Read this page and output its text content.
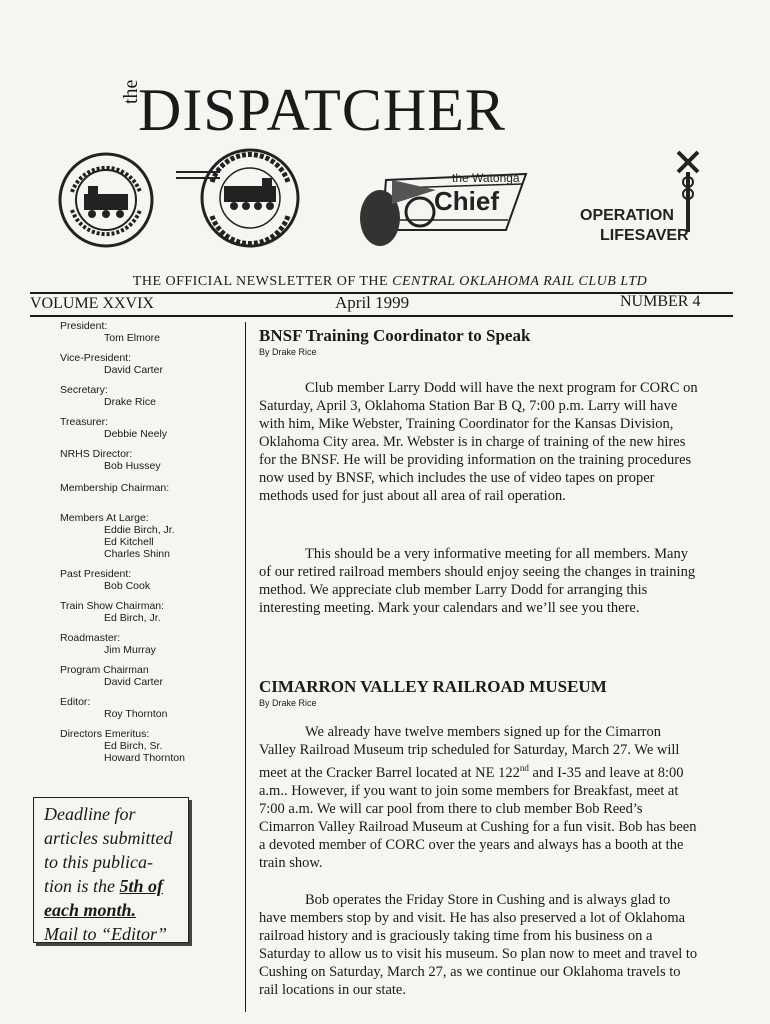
the
DISPATCHER
the Watonga
Chief	OPERATION
LIFESAVER
THE OFFICIAL NEWSLETTER OF THE CENTRAL OKLAHOMA RAIL CLUB LTD
VOLUME XXVIX	April 1999	NUMBER 4
President:
Tom Elmore
Vice-President:
David Carter
Secretary:
Drake Rice
Treasurer:
Debbie Neely
NRHS Director:
Bob Hussey
Membership Chairman:
Members At Large:
Eddie Birch, Jr.
Ed Kitchell
Charles Shinn
Past President:
Bob Cook
Train Show Chairman:
Ed Birch, Jr.
Roadmaster:
Jim Murray
Program Chairman
David Carter
Editor:
Roy Thornton
Directors Emeritus:
Ed Birch, Sr.
Howard Thornton
Deadline for
articles submitted
to this publica-
tion is the 5th of
each month.
Mail to “Editor”
BNSF Training Coordinator to Speak
By Drake Rice
Club member Larry Dodd will have the next program for CORC on Saturday, April 3, Oklahoma Station Bar B Q, 7:00 p.m. Larry will have with him, Mike Webster, Training Coordinator for the Kansas Division, Oklahoma City area. Mr. Webster is in charge of training of the new hires for the BNSF. He will be providing information on the training procedures now used by BNSF, which includes the use of video tapes on proper methods used for just about all area of rail operation.
This should be a very informative meeting for all members. Many of our retired railroad members should enjoy seeing the changes in training method. We appreciate club member Larry Dodd for arranging this interesting meeting. Mark your calendars and we’ll see you there.
CIMARRON VALLEY RAILROAD MUSEUM
By Drake Rice
We already have twelve members signed up for the Cimarron Valley Railroad Museum trip scheduled for Saturday, March 27. We will meet at the Cracker Barrel located at NE 122nd and I-35 and leave at 8:00 a.m.. However, if you want to join some members for Breakfast, meet at 7:00 a.m. We will car pool from there to club member Bob Reed’s Cimarron Valley Railroad Museum at Cushing for a fun visit. Bob has been a devoted member of CORC over the years and always has a booth at the train show.
Bob operates the Friday Store in Cushing and is always glad to have members stop by and visit. He has also preserved a lot of Oklahoma railroad history and is graciously taking time from his business on a Saturday to allow us to visit his museum. So plan now to meet and travel to Cushing on Saturday, March 27, as we continue our Oklahoma travels to rail locations in our state.
